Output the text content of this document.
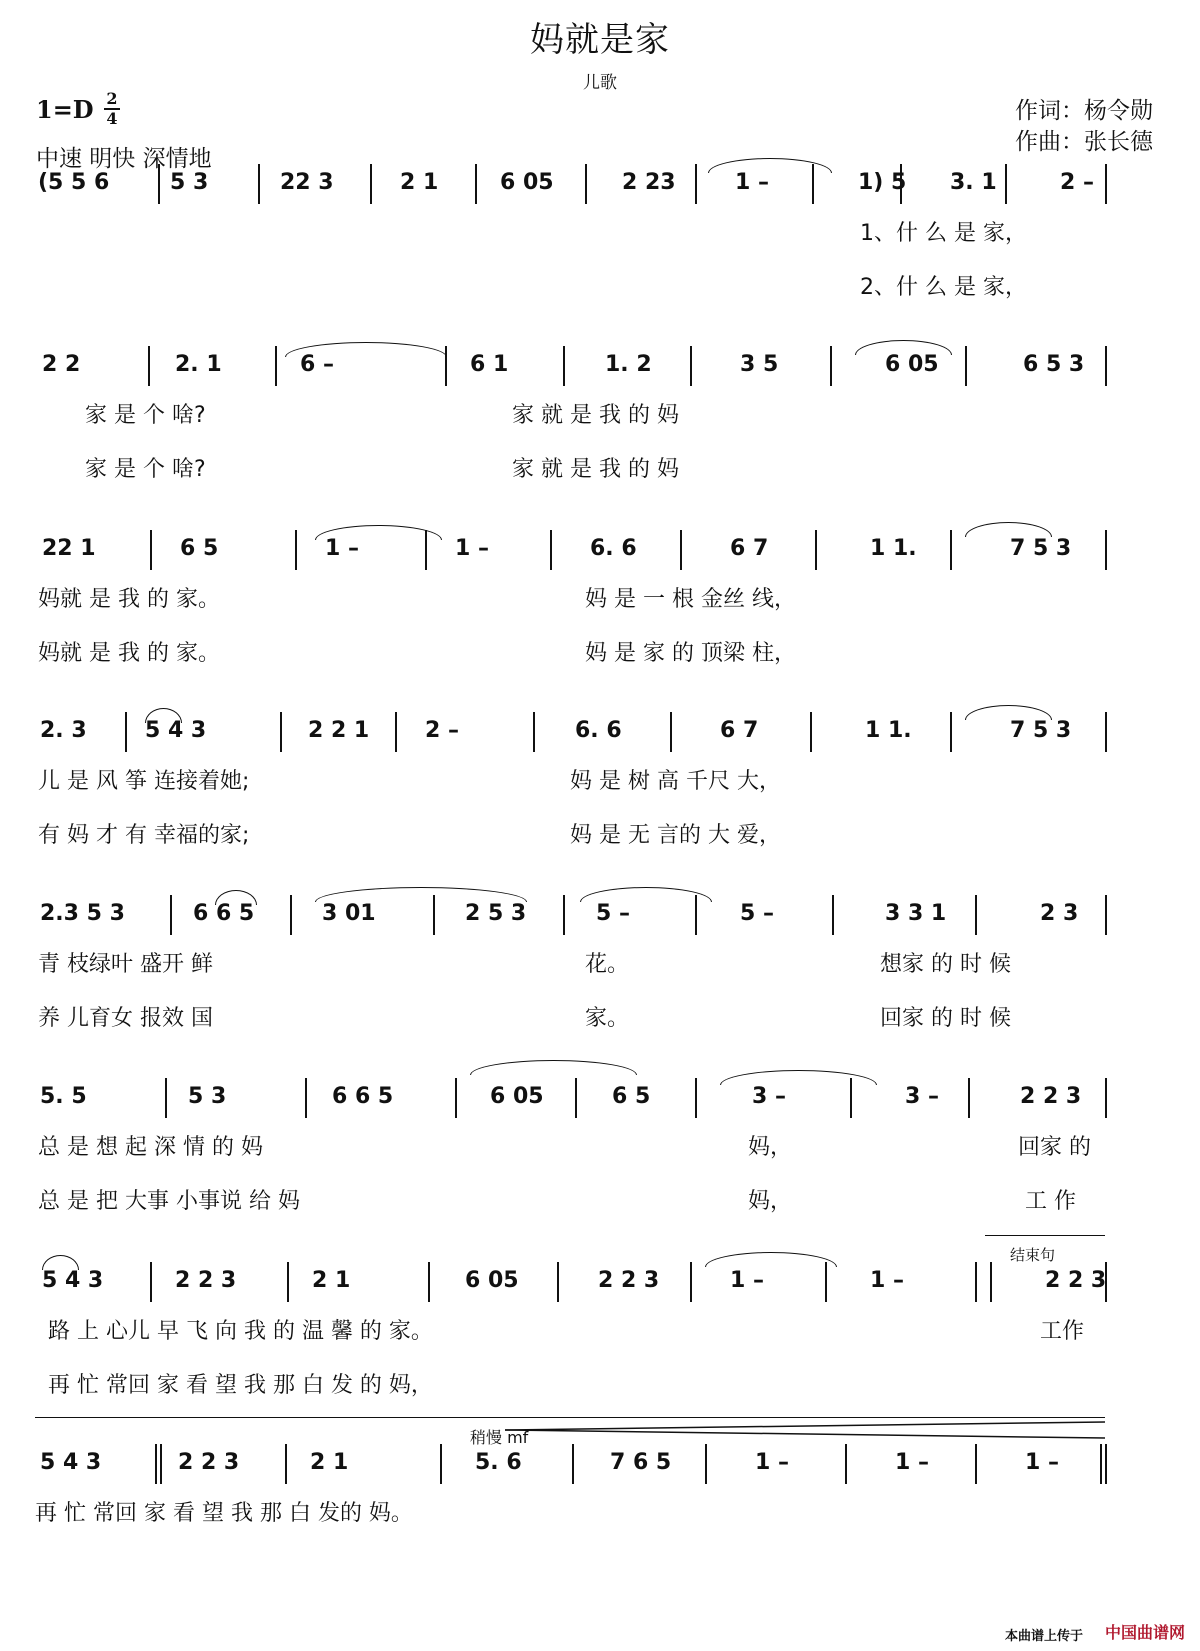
妈就是家
儿歌
1=D 2
4
中速 明快 深情地
作词：杨令勋
作曲：张长德
(5 5 6	5 3	22 3	2 1	6 05	2 23	1 –	1) 5 3. 1	2 –
1、什 么 是 家，
2、什 么 是 家，
2 2	2. 1	6 –	6 1	1. 2	3 5	6 05	6 5 3
家 是 个 啥?	家 就 是 我 的 妈
家 是 个 啥?	家 就 是 我 的 妈
22 1	6 5	1 –	1 –	6. 6	6 7	1 1.	7 5 3
妈就 是 我 的 家。	妈 是 一 根 金丝 线，
妈就 是 我 的 家。	妈 是 家 的 顶梁 柱，
2. 3	5 4 3	2 2 1	2 –	6. 6	6 7	1 1.	7 5 3
儿 是 风 筝 连接着她;	妈 是 树 高 千尺 大，
有 妈 才 有 幸福的家;	妈 是 无 言的 大 爱，
2.3 5 3	6 6 5	3 01	2 5 3	5 –	5 –	3 3 1	2 3
青 枝绿叶 盛开 鲜	花。	想家 的 时 候
养 儿育女 报效 国	家。	回家 的 时 候
5. 5	5 3	6 6 5	6 05	6 5	3 –	3 –	2 2 3
总 是 想 起 深 情 的 妈	妈，	回家 的
总 是 把 大事 小事说 给 妈	妈，	工 作
5 4 3	2 2 3	2 1	6 05	2 2 3	1 –	1 –	2 2 3
路 上 心儿 早 飞 向 我 的 温 馨 的 家。	工作
再 忙 常回 家 看 望 我 那 白 发 的 妈，
5 4 3	2 2 3	2 1	5. 6	7 6 5	1 –	1 –	1 –
再 忙 常回 家 看 望 我 那 白 发的 妈。
结束句
稍慢 mf
本曲谱上传于 中国曲谱网
